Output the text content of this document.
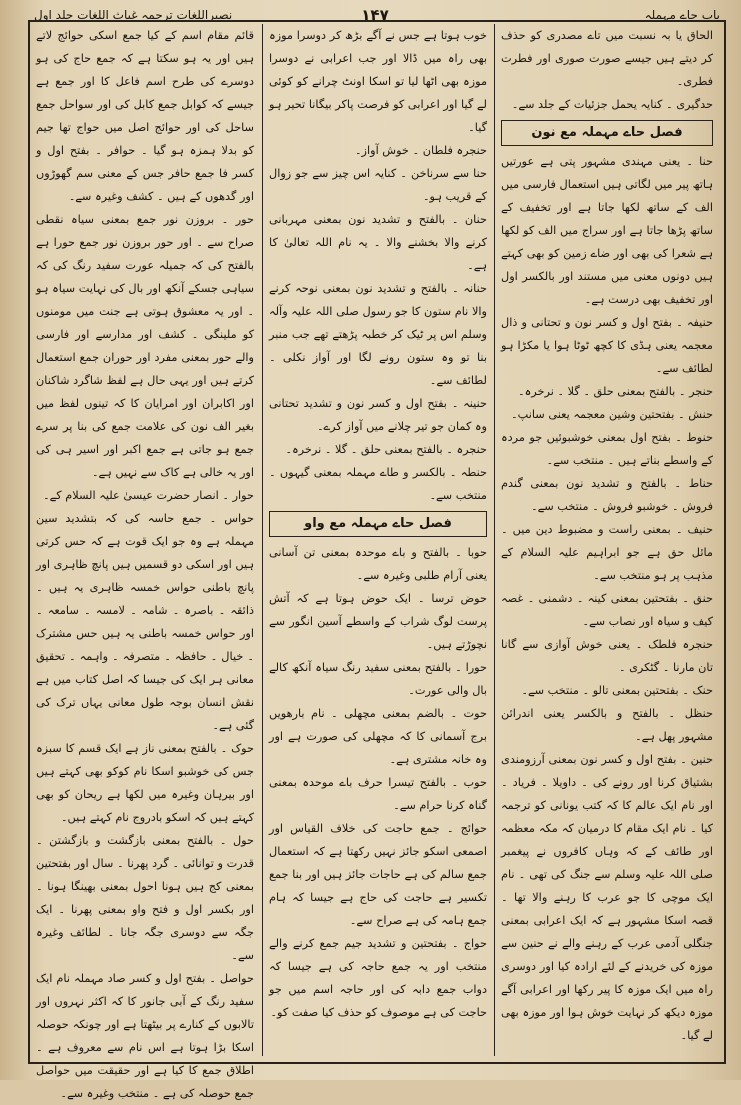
باب حاے مہملہ
۱۴۷
نصیراللغات ترجمہ غیاث اللغات جلد اول

الحاق یا بہ نسبت میں تاے مصدری کو حذف کر دیتے ہیں جیسے صورت صوری اور فطرت فطری۔

حدگیری ۔ کنایہ یحمل جزئیات کے جلد سے۔

فصل حاے مہملہ مع نون

حنا ۔ یعنی مہندی مشہور پتی ہے عورتیں ہاتھ پیر میں لگاتی ہیں استعمال فارسی میں الف کے ساتھ لکھا جاتا ہے اور تخفیف کے ساتھ پڑھا جاتا ہے اور سراج میں الف کو لکھا ہے شعرا کی بھی اور ضاے زمین کو بھی کہتے ہیں دونوں معنی میں مستند اور بالکسر اول اور تخفیف بھی درست ہے۔

حنیفہ ۔ بفتح اول و کسر نون و تحتانی و ذال معجمہ یعنی ہڈی کا کچھ ٹوٹا ہوا یا مکڑا ہو لطائف سے۔

حنجر ۔ بالفتح بمعنی حلق ۔ گلا ۔ نرخرہ۔

حنش ۔ بفتحتین وشین معجمہ یعنی سانپ۔

حنوط ۔ بفتح اول بمعنی خوشبوئیں جو مردہ کے واسطے بناتے ہیں ۔ منتخب سے۔

حناط ۔ بالفتح و تشدید نون بمعنی گندم فروش ۔ خوشبو فروش ۔ منتخب سے۔

حنیف ۔ بمعنی راست و مضبوط دین میں ۔ مائل حق ہے جو ابراہیم علیہ السلام کے مذہب پر ہو منتخب سے۔

حنق ۔ بفتحتین بمعنی کینہ ۔ دشمنی ۔ غصہ کیف و سیاہ اور نصاب سے۔

حنجرہ فلطک ۔ یعنی خوش آوازی سے گانا تان مارنا ۔ گٹکری ۔

حنک ۔ بفتحتین بمعنی تالو ۔ منتخب سے۔

حنظل ۔ بالفتح و بالکسر یعنی اندرائن مشہور پھل ہے۔

حنین ۔ بفتح اول و کسر نون بمعنی آرزومندی بشتیاق کرنا اور رونے کی ۔ داویلا ۔ فریاد ۔ اور نام ایک عالم کا کہ کتب یونانی کو ترجمہ کیا ۔ نام ایک مقام کا درمیان کہ مکہ معظمہ اور طائف کے کہ وہاں کافروں نے پیغمبر صلی اللہ علیہ وسلم سے جنگ کی تھی ۔ نام ایک موچی کا جو عرب کا رہنے والا تھا ۔ قصہ اسکا مشہور ہے کہ ایک اعرابی بمعنی جنگلی آدمی عرب کے رہنے والے نے حنین سے موزہ کی خریدنے کے لئے ارادہ کیا اور دوسری راہ میں ایک موزہ کا پیر رکھا اور اعرابی آگے موزہ دیکھ کر نہایت خوش ہوا اور موزہ بھی لے گیا۔

خوب ہوتا ہے جس نے آگے بڑھ کر دوسرا موزہ بھی راہ میں ڈالا اور جب اعرابی نے دوسرا موزہ بھی اٹھا لیا تو اسکا اونٹ چرانے کو کوئی لے گیا اور اعرابی کو فرصت پاکر بیگانا تحیر ہو گیا۔

حنجرہ فلطان ۔ خوش آواز۔

حنا سے سرناخن ۔ کنایہ اس چیز سے جو زوال کے قریب ہو۔

حنان ۔ بالفتح و تشدید نون بمعنی مہربانی کرنے والا بخشنے والا ۔ یہ نام اللہ تعالیٰ کا ہے۔

حنانہ ۔ بالفتح و تشدید نون بمعنی نوحہ کرنے والا نام ستون کا جو رسول صلی اللہ علیہ وآلہ وسلم اس پر ٹیک کر خطبہ پڑھتے تھے جب منبر بنا تو وہ ستون رونے لگا اور آواز نکلی ۔ لطائف سے۔

حنینہ ۔ بفتح اول و کسر نون و تشدید تحتانی وہ کمان جو تیر چلانے میں آواز کرے۔

حنجرہ ۔ بالفتح بمعنی حلق ۔ گلا ۔ نرخرہ۔

حنطہ ۔ بالکسر و طاے مہملہ بمعنی گیہوں ۔ منتخب سے۔

فصل حاے مہملہ مع واو

حوبا ۔ بالفتح و باے موحدہ بمعنی تن آسانی یعنی آرام طلبی وغیرہ سے۔

حوض ترسا ۔ ایک حوض ہوتا ہے کہ آتش پرست لوگ شراب کے واسطے آسین انگور سے نچوڑتے ہیں۔

حورا ۔ بالفتح بمعنی سفید رنگ سیاہ آنکھ کالے بال والی عورت۔

حوت ۔ بالضم بمعنی مچھلی ۔ نام بارھویں برج آسمانی کا کہ مچھلی کی صورت ہے اور وہ خانہ مشتری ہے۔

حوب ۔ بالفتح تیسرا حرف باے موحدہ بمعنی گناہ کرنا حرام سے۔

حوائج ۔ جمع حاجت کی خلاف القیاس اور اصمعی اسکو جائز نہیں رکھتا ہے کہ استعمال جمع سالم کی ہے حاجات جائز ہیں اور بنا جمع تکسیر ہے حاجت کی حاج ہے جیسا کہ ہام جمع ہامہ کی ہے صراح سے۔

حواج ۔ بفتحتین و تشدید جیم جمع کرنے والے منتخب اور یہ جمع حاجہ کی ہے جیسا کہ دواب جمع دابہ کی اور حاجہ اسم میں جو حاجت کی ہے موصوف کو حذف کیا صفت کو۔

قائم مقام اسم کے کیا جمع اسکی حوائج لاتے ہیں اور یہ ہو سکتا ہے کہ جمع حاج کی ہو دوسرے کی طرح اسم فاعل کا اور جمع ہے جیسے کہ کوابل جمع کابل کی اور سواحل جمع ساحل کی اور حوائج اصل میں حواج تھا جیم کو بدلا ہمزہ ہو گیا ۔ حوافر ۔ بفتح اول و کسر فا جمع حافر جس کے معنی سم گھوڑوں اور گدھوں کے ہیں ۔ کشف وغیرہ سے۔

حور ۔ بروزن نور جمع بمعنی سیاہ نقطی صراح سے ۔ اور حور بروزن نور جمع حورا ہے بالفتح کی کہ جمیلہ عورت سفید رنگ کی کہ سیاہی جسکے آنکھ اور بال کی نہایت سیاہ ہو ۔ اور یہ معشوق ہوتی ہے جنت میں مومنوں کو ملینگی ۔ کشف اور مدارسے اور فارسی والے حور بمعنی مفرد اور حوران جمع استعمال کرتے ہیں اور یہی حال ہے لفظ شاگرد شاکنان اور اکابران اور امرایان کا کہ تینوں لفظ میں بغیر الف نون کی علامت جمع کی بنا پر سرے جمع ہو جاتی ہے جمع اکبر اور اسیر ہی کی اور یہ خالی ہے کاک سے نہیں ہے۔

حوار ۔ انصار حضرت عیسیٰ علیہ السلام کے۔

حواس ۔ جمع حاسہ کی کہ بتشدید سین مہملہ ہے وہ جو ایک قوت ہے کہ حس کرتی ہیں اور اسکی دو قسمیں ہیں پانچ ظاہری اور پانچ باطنی حواس خمسہ ظاہری یہ ہیں ۔ ذائقہ ۔ باصرہ ۔ شامہ ۔ لامسہ ۔ سامعہ ۔ اور حواس خمسہ باطنی یہ ہیں حس مشترک ۔ خیال ۔ حافظہ ۔ متصرفہ ۔ واہمہ ۔ تحقیق معانی ہر ایک کی جیسا کہ اصل کتاب میں ہے نقش انسان بوجہ طول معانی یہاں ترک کی گئی ہے۔

حوک ۔ بالفتح بمعنی ناز ہے ایک قسم کا سبزہ جس کی خوشبو اسکا نام کوکو بھی کہتے ہیں اور بیرہان وغیرہ میں لکھا ہے ریحان کو بھی کہتے ہیں کہ اسکو بادروج نام کہتے ہیں۔

حول ۔ بالفتح بمعنی بازگشت و بازگشتن ۔ قدرت و توانائی ۔ گرد پھرنا ۔ سال اور بفتحتین بمعنی کج ہیں ہونا احول بمعنی بھینگا ہونا ۔ اور بکسر اول و فتح واو بمعنی پھرنا ۔ ایک جگہ سے دوسری جگہ جانا ۔ لطائف وغیرہ سے۔

حواصل ۔ بفتح اول و کسر صاد مہملہ نام ایک سفید رنگ کے آبی جانور کا کہ اکثر نہروں اور تالابوں کے کنارے پر بیٹھتا ہے اور چونکہ حوصلہ اسکا بڑا ہوتا ہے اس نام سے معروف ہے ۔ اطلاق جمع کا کیا ہے اور حقیقت میں حواصل جمع حوصلہ کی ہے ۔ منتخب وغیرہ سے۔
